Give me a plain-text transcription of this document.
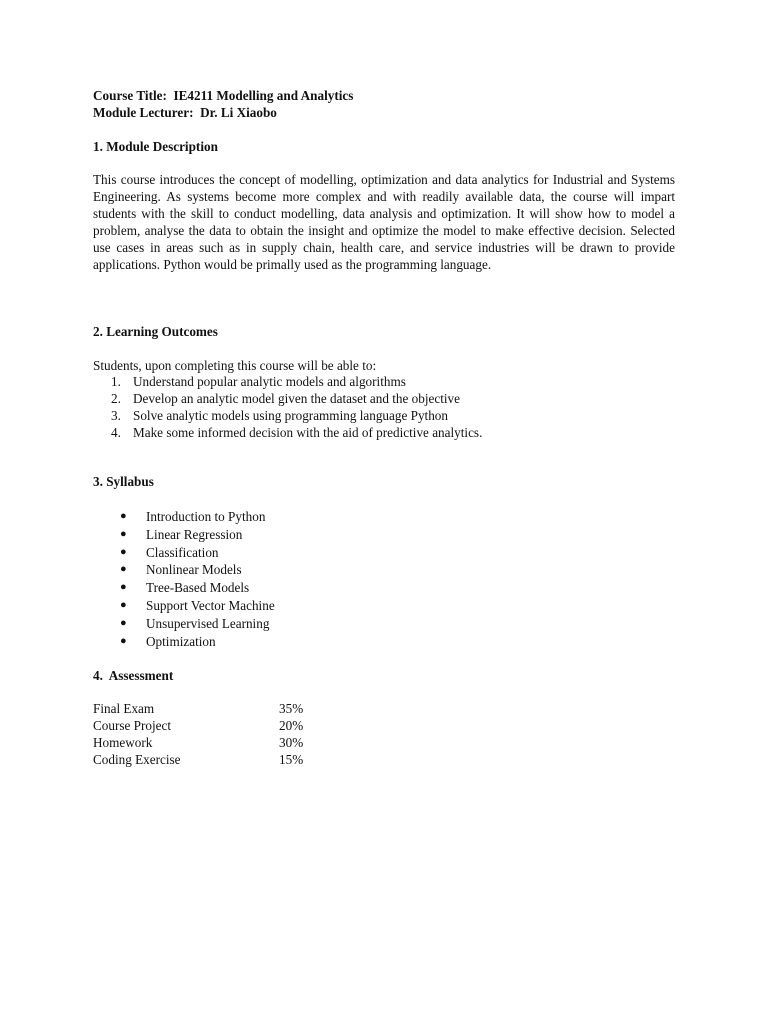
Course Title: IE4211 Modelling and Analytics
Module Lecturer: Dr. Li Xiaobo
1. Module Description

This course introduces the concept of modelling, optimization and data analytics for Industrial and Systems Engineering. As systems become more complex and with readily available data, the course will impart students with the skill to conduct modelling, data analysis and optimization. It will show how to model a problem, analyse the data to obtain the insight and optimize the model to make effective decision. Selected use cases in areas such as in supply chain, health care, and service industries will be drawn to provide applications. Python would be primally used as the programming language.

2. Learning Outcomes
Students, upon completing this course will be able to:
1. Understand popular analytic models and algorithms
2. Develop an analytic model given the dataset and the objective
3. Solve analytic models using programming language Python
4. Make some informed decision with the aid of predictive analytics.
3. Syllabus
● Introduction to Python
● Linear Regression
● Classification
● Nonlinear Models
● Tree-Based Models
● Support Vector Machine
● Unsupervised Learning
● Optimization
4.  Assessment
Final Exam	35%
Course Project	20%
Homework	30%
Coding Exercise	15%
